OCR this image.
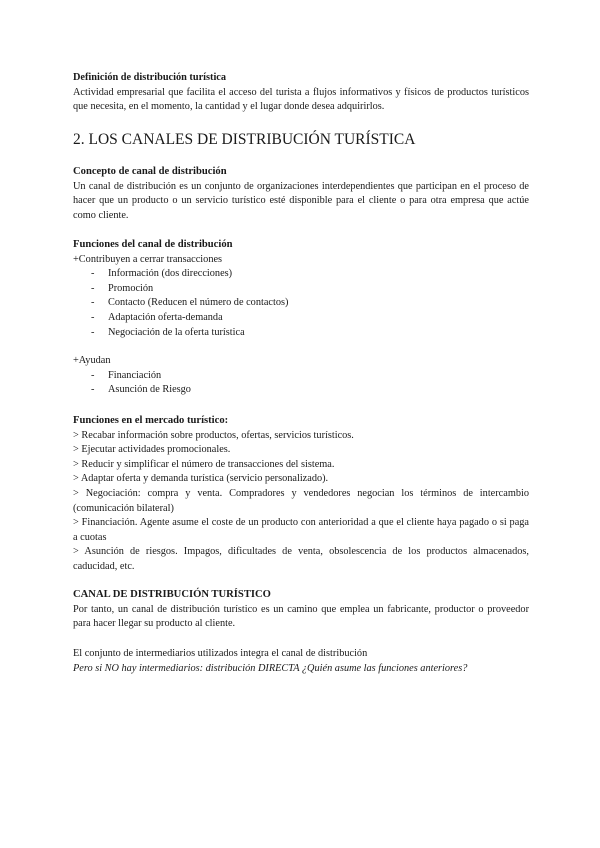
Definición de distribución turística

Actividad empresarial que facilita el acceso del turista a flujos informativos y físicos de productos turísticos que necesita, en el momento, la cantidad y el lugar donde desea adquirirlos.

2. LOS CANALES DE DISTRIBUCIÓN TURÍSTICA

Concepto de canal de distribución

Un canal de distribución es un conjunto de organizaciones interdependientes que participan en el proceso de hacer que un producto o un servicio turístico esté disponible para el cliente o para otra empresa que actúe como cliente.

Funciones del canal de distribución

+Contribuyen a cerrar transacciones

- Información (dos direcciones)
- Promoción
- Contacto (Reducen el número de contactos)
- Adaptación oferta-demanda
- Negociación de la oferta turística

+Ayudan

- Financiación
- Asunción de Riesgo

Funciones en el mercado turístico:

> Recabar información sobre productos, ofertas, servicios turísticos.

> Ejecutar actividades promocionales.

> Reducir y simplificar el número de transacciones del sistema.

> Adaptar oferta y demanda turística (servicio personalizado).

> Negociación: compra y venta. Compradores y vendedores negocian los términos de intercambio (comunicación bilateral)

> Financiación. Agente asume el coste de un producto con anterioridad a que el cliente haya pagado o si paga a cuotas

> Asunción de riesgos. Impagos, dificultades de venta, obsolescencia de los productos almacenados, caducidad, etc.

CANAL DE DISTRIBUCIÓN TURÍSTICO

Por tanto, un canal de distribución turístico es un camino que emplea un fabricante, productor o proveedor para hacer llegar su producto al cliente.

El conjunto de intermediarios utilizados integra el canal de distribución

Pero si NO hay intermediarios: distribución DIRECTA ¿Quién asume las funciones anteriores?
